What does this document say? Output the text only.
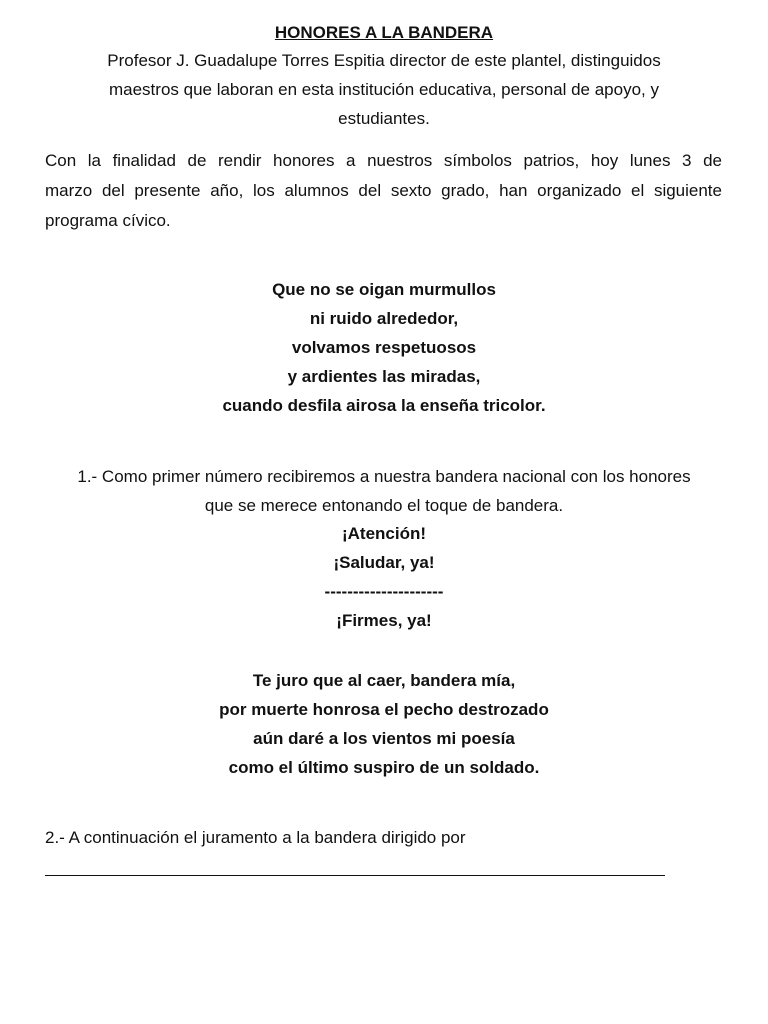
HONORES A LA BANDERA
Profesor J. Guadalupe Torres Espitia director de este plantel, distinguidos
maestros que laboran en esta institución educativa, personal de apoyo, y
estudiantes.
Con la finalidad de rendir honores a nuestros símbolos patrios, hoy lunes 3 de
marzo del presente año, los alumnos del sexto grado, han organizado el siguiente
programa cívico.
Que no se oigan murmullos
ni ruido alrededor,
volvamos respetuosos
y ardientes las miradas,
cuando desfila airosa la enseña tricolor.
1.- Como primer número recibiremos a nuestra bandera nacional con los honores
que se merece entonando el toque de bandera.
¡Atención!
¡Saludar, ya!
---------------------
¡Firmes, ya!
Te juro que al caer, bandera mía,
por muerte honrosa el pecho destrozado
aún daré a los vientos mi poesía
como el último suspiro de un soldado.
2.- A continuación el juramento a la bandera dirigido por
